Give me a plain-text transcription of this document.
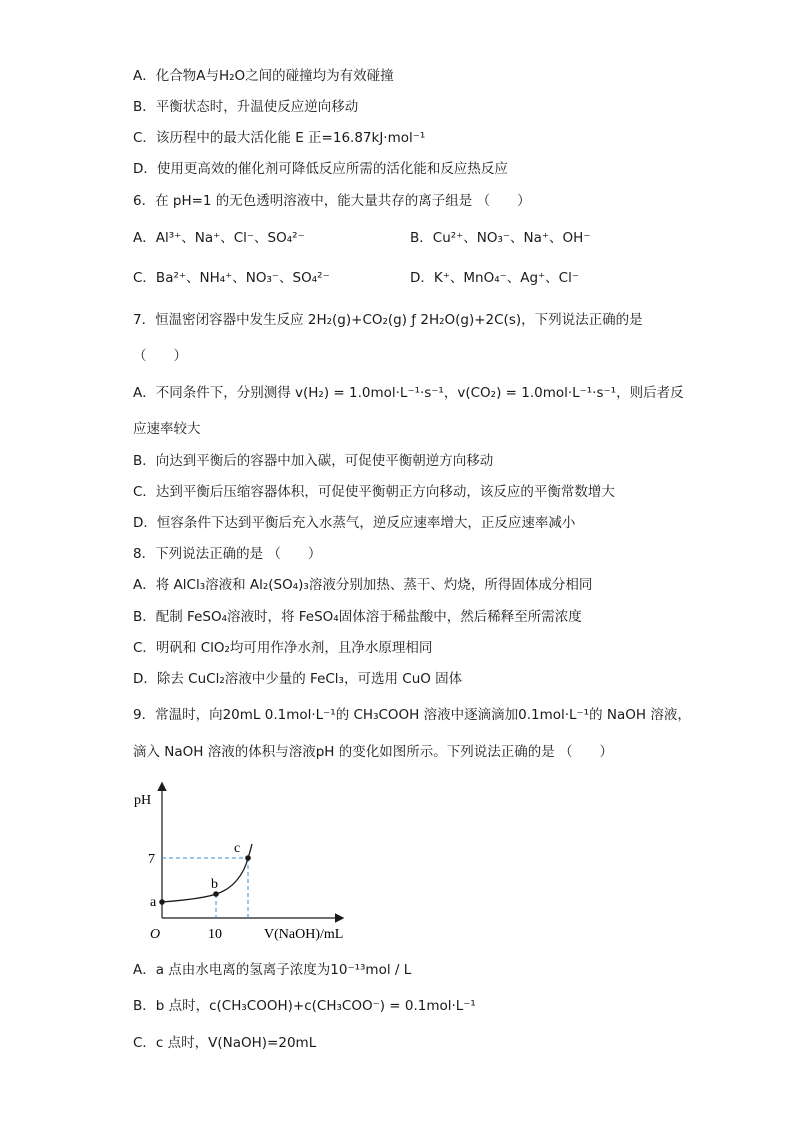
A．化合物A与H₂O之间的碰撞均为有效碰撞
B．平衡状态时，升温使反应逆向移动
C．该历程中的最大活化能 E 正=16.87kJ·mol⁻¹
D．使用更高效的催化剂可降低反应所需的活化能和反应热反应
6．在 pH=1 的无色透明溶液中，能大量共存的离子组是 （　　）
A．Al³⁺、Na⁺、Cl⁻、SO₄²⁻	B．Cu²⁺、NO₃⁻、Na⁺、OH⁻
C．Ba²⁺、NH₄⁺、NO₃⁻、SO₄²⁻	D．K⁺、MnO₄⁻、Ag⁺、Cl⁻
7．恒温密闭容器中发生反应 2H₂(g)+CO₂(g) ƒ 2H₂O(g)+2C(s)，下列说法正确的是
（　　）
A．不同条件下，分别测得 v(H₂) = 1.0mol·L⁻¹·s⁻¹，v(CO₂) = 1.0mol·L⁻¹·s⁻¹，则后者反
应速率较大
B．向达到平衡后的容器中加入碳，可促使平衡朝逆方向移动
C．达到平衡后压缩容器体积，可促使平衡朝正方向移动，该反应的平衡常数增大
D．恒容条件下达到平衡后充入水蒸气，逆反应速率增大，正反应速率减小
8．下列说法正确的是 （　　）
A．将 AlCl₃溶液和 Al₂(SO₄)₃溶液分别加热、蒸干、灼烧，所得固体成分相同
B．配制 FeSO₄溶液时，将 FeSO₄固体溶于稀盐酸中，然后稀释至所需浓度
C．明矾和 ClO₂均可用作净水剂，且净水原理相同
D．除去 CuCl₂溶液中少量的 FeCl₃，可选用 CuO 固体
9．常温时，向20mL 0.1mol·L⁻¹的 CH₃COOH 溶液中逐滴滴加0.1mol·L⁻¹的 NaOH 溶液，
滴入 NaOH 溶液的体积与溶液pH 的变化如图所示。下列说法正确的是 （　　）
pH
V(NaOH)/mL
O	10
7
a
b
c
A．a 点由水电离的氢离子浓度为10⁻¹³mol / L
B．b 点时，c(CH₃COOH)+c(CH₃COO⁻) = 0.1mol·L⁻¹
C．c 点时，V(NaOH)=20mL
